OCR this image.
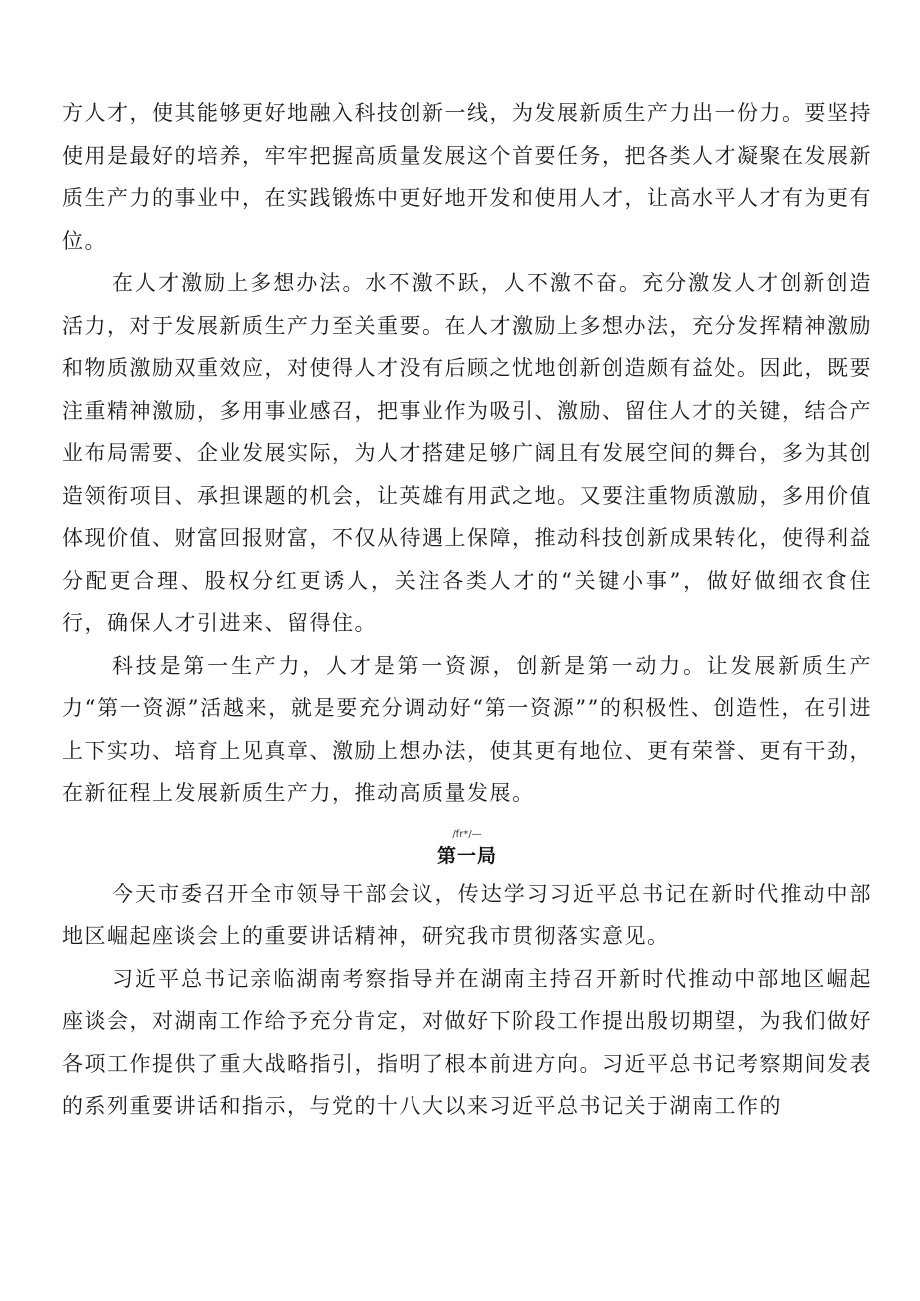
方人才，使其能够更好地融入科技创新一线，为发展新质生产力出一份力。要坚持使用是最好的培养，牢牢把握高质量发展这个首要任务，把各类人才凝聚在发展新质生产力的事业中，在实践锻炼中更好地开发和使用人才，让高水平人才有为更有位。

在人才激励上多想办法。水不激不跃，人不激不奋。充分激发人才创新创造活力，对于发展新质生产力至关重要。在人才激励上多想办法，充分发挥精神激励和物质激励双重效应，对使得人才没有后顾之忧地创新创造颇有益处。因此，既要注重精神激励，多用事业感召，把事业作为吸引、激励、留住人才的关键，结合产业布局需要、企业发展实际，为人才搭建足够广阔且有发展空间的舞台，多为其创造领衔项目、承担课题的机会，让英雄有用武之地。又要注重物质激励，多用价值体现价值、财富回报财富，不仅从待遇上保障，推动科技创新成果转化，使得利益分配更合理、股权分红更诱人，关注各类人才的“关键小事”，做好做细衣食住行，确保人才引进来、留得住。

科技是第一生产力，人才是第一资源，创新是第一动力。让发展新质生产力“第一资源”活越来，就是要充分调动好“第一资源””的积极性、创造性，在引进上下实功、培育上见真章、激励上想办法，使其更有地位、更有荣誉、更有干劲，在新征程上发展新质生产力，推动高质量发展。

/fr*/—
第一局

今天市委召开全市领导干部会议，传达学习习近平总书记在新时代推动中部地区崛起座谈会上的重要讲话精神，研究我市贯彻落实意见。

习近平总书记亲临湖南考察指导并在湖南主持召开新时代推动中部地区崛起座谈会，对湖南工作给予充分肯定，对做好下阶段工作提出殷切期望，为我们做好各项工作提供了重大战略指引，指明了根本前进方向。习近平总书记考察期间发表的系列重要讲话和指示，与党的十八大以来习近平总书记关于湖南工作的
